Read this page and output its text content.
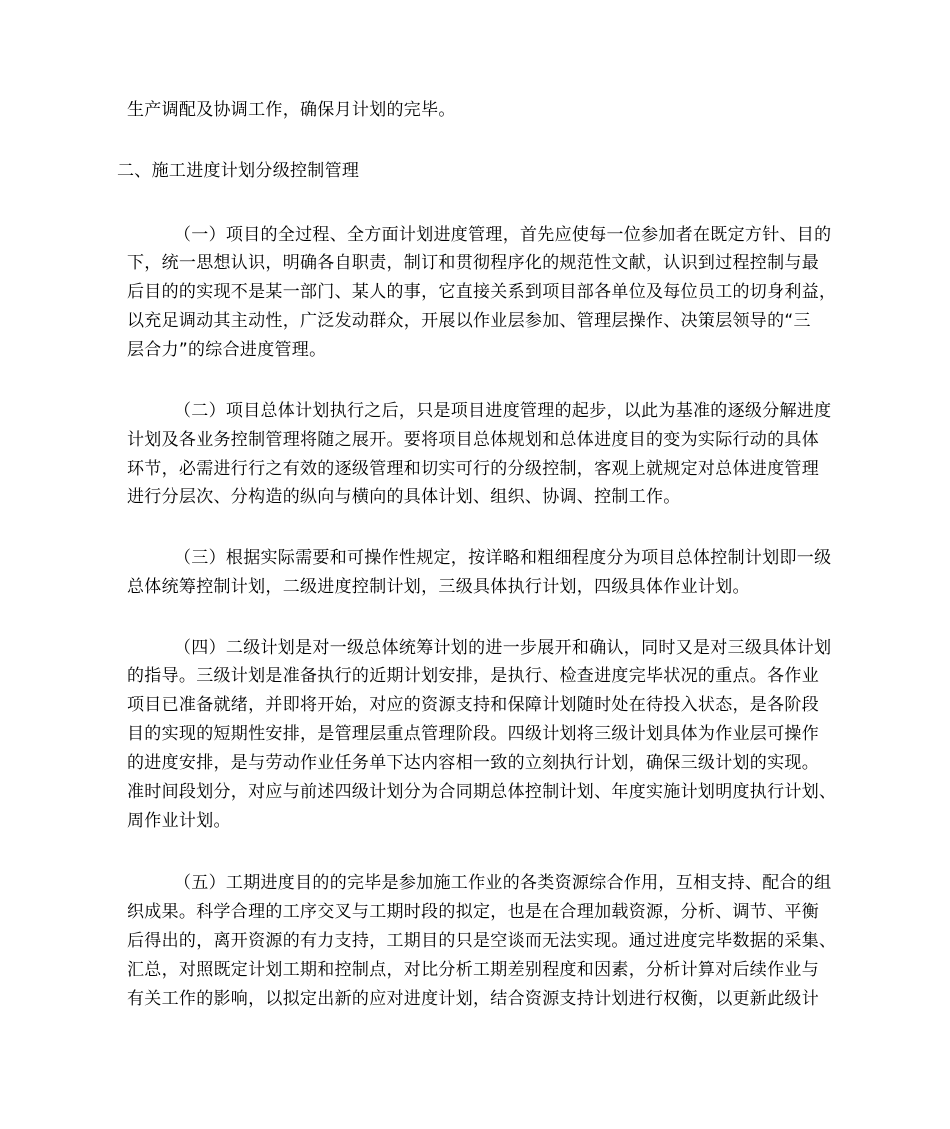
生产调配及协调工作，确保月计划的完毕。
二、施工进度计划分级控制管理
（一）项目的全过程、全方面计划进度管理，首先应使每一位参加者在既定方针、目的
下，统一思想认识，明确各自职责，制订和贯彻程序化的规范性文献，认识到过程控制与最
后目的的实现不是某一部门、某人的事，它直接关系到项目部各单位及每位员工的切身利益，
以充足调动其主动性，广泛发动群众，开展以作业层参加、管理层操作、决策层领导的“三
层合力”的综合进度管理。
（二）项目总体计划执行之后，只是项目进度管理的起步，以此为基准的逐级分解进度
计划及各业务控制管理将随之展开。要将项目总体规划和总体进度目的变为实际行动的具体
环节，必需进行行之有效的逐级管理和切实可行的分级控制，客观上就规定对总体进度管理
进行分层次、分构造的纵向与横向的具体计划、组织、协调、控制工作。
（三）根据实际需要和可操作性规定，按详略和粗细程度分为项目总体控制计划即一级
总体统筹控制计划，二级进度控制计划，三级具体执行计划，四级具体作业计划。
（四）二级计划是对一级总体统筹计划的进一步展开和确认，同时又是对三级具体计划
的指导。三级计划是准备执行的近期计划安排，是执行、检查进度完毕状况的重点。各作业
项目已准备就绪，并即将开始，对应的资源支持和保障计划随时处在待投入状态，是各阶段
目的实现的短期性安排，是管理层重点管理阶段。四级计划将三级计划具体为作业层可操作
的进度安排，是与劳动作业任务单下达内容相一致的立刻执行计划，确保三级计划的实现。
准时间段划分，对应与前述四级计划分为合同期总体控制计划、年度实施计划明度执行计划、
周作业计划。
（五）工期进度目的的完毕是参加施工作业的各类资源综合作用，互相支持、配合的组
织成果。科学合理的工序交叉与工期时段的拟定，也是在合理加载资源，分析、调节、平衡
后得出的，离开资源的有力支持，工期目的只是空谈而无法实现。通过进度完毕数据的采集、
汇总，对照既定计划工期和控制点，对比分析工期差别程度和因素，分析计算对后续作业与
有关工作的影响，以拟定出新的应对进度计划，结合资源支持计划进行权衡，以更新此级计
